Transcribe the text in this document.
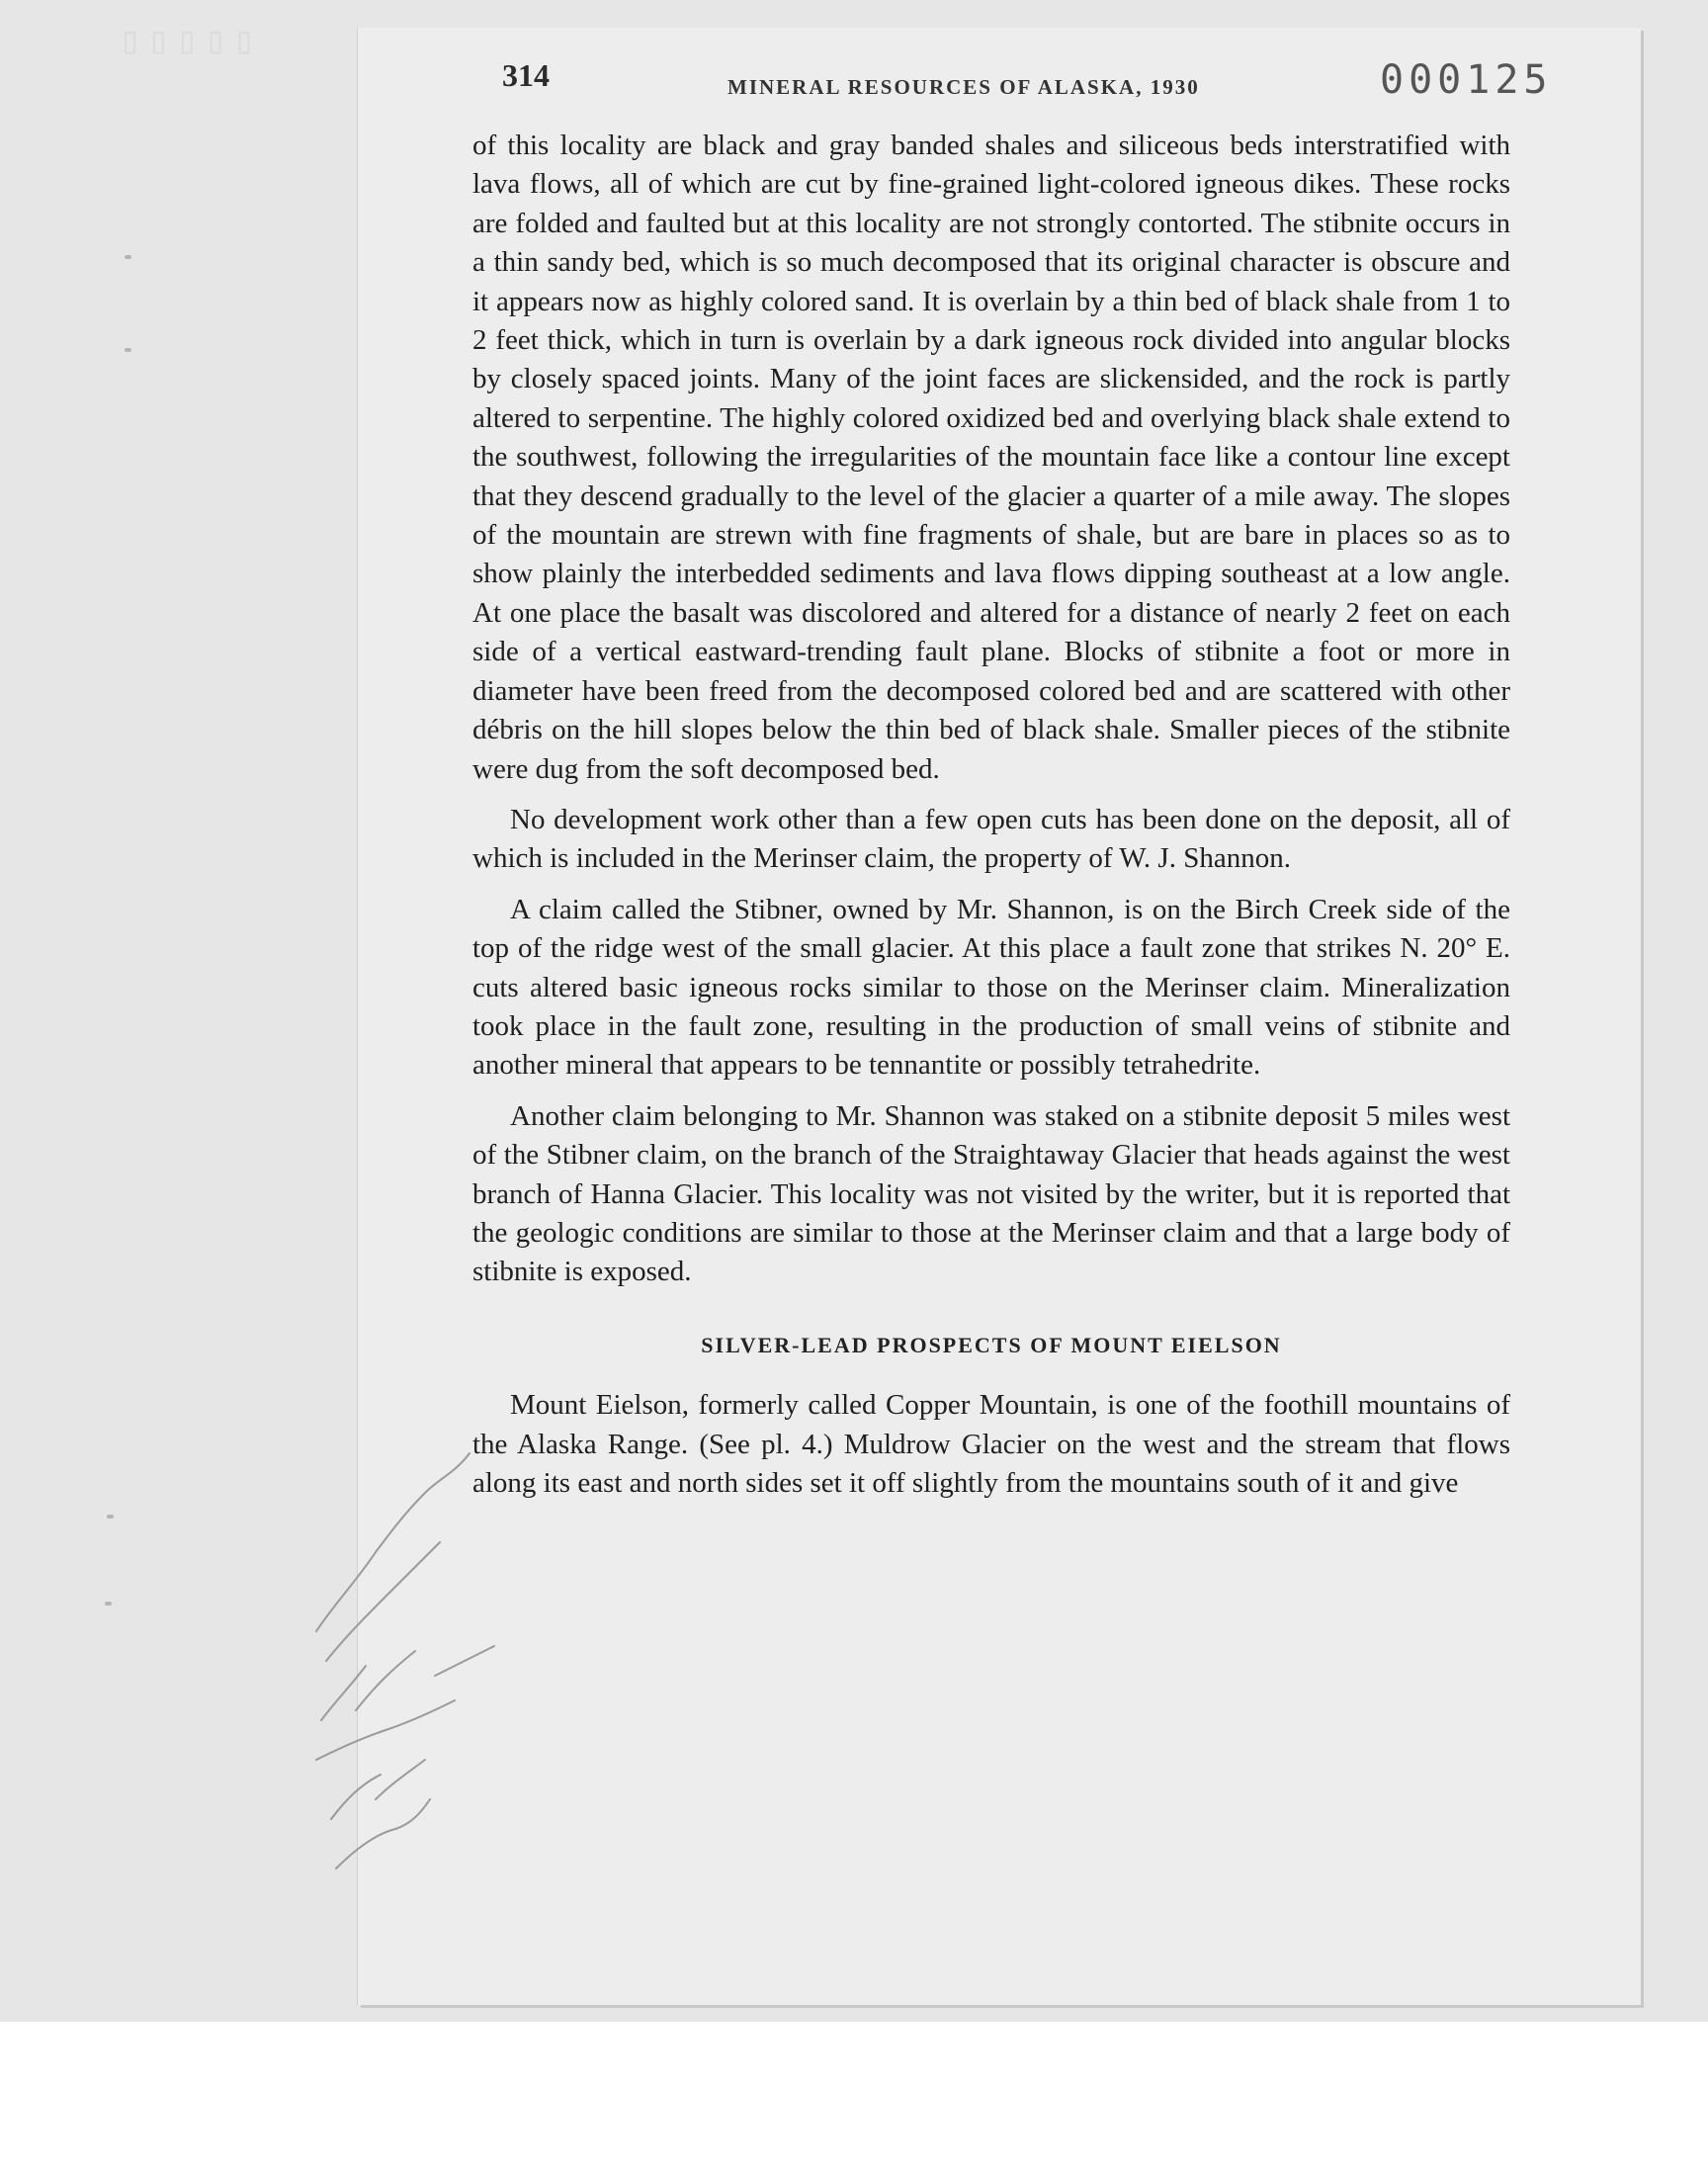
▯▯▯▯▯
314	MINERAL RESOURCES OF ALASKA, 1930	000125

of this locality are black and gray banded shales and siliceous beds interstratified with lava flows, all of which are cut by fine-grained light-colored igneous dikes. These rocks are folded and faulted but at this locality are not strongly contorted. The stibnite occurs in a thin sandy bed, which is so much decomposed that its original character is obscure and it appears now as highly colored sand. It is overlain by a thin bed of black shale from 1 to 2 feet thick, which in turn is overlain by a dark igneous rock divided into angular blocks by closely spaced joints. Many of the joint faces are slickensided, and the rock is partly altered to serpentine. The highly colored oxidized bed and overlying black shale extend to the southwest, following the irregularities of the mountain face like a contour line except that they descend gradually to the level of the glacier a quarter of a mile away. The slopes of the mountain are strewn with fine fragments of shale, but are bare in places so as to show plainly the interbedded sediments and lava flows dipping southeast at a low angle. At one place the basalt was discolored and altered for a distance of nearly 2 feet on each side of a vertical eastward-trending fault plane. Blocks of stibnite a foot or more in diameter have been freed from the decomposed colored bed and are scattered with other débris on the hill slopes below the thin bed of black shale. Smaller pieces of the stibnite were dug from the soft decomposed bed.

No development work other than a few open cuts has been done on the deposit, all of which is included in the Merinser claim, the property of W. J. Shannon.

A claim called the Stibner, owned by Mr. Shannon, is on the Birch Creek side of the top of the ridge west of the small glacier. At this place a fault zone that strikes N. 20° E. cuts altered basic igneous rocks similar to those on the Merinser claim. Mineralization took place in the fault zone, resulting in the production of small veins of stibnite and another mineral that appears to be tennantite or possibly tetrahedrite.

Another claim belonging to Mr. Shannon was staked on a stibnite deposit 5 miles west of the Stibner claim, on the branch of the Straightaway Glacier that heads against the west branch of Hanna Glacier. This locality was not visited by the writer, but it is reported that the geologic conditions are similar to those at the Merinser claim and that a large body of stibnite is exposed.

SILVER-LEAD PROSPECTS OF MOUNT EIELSON

Mount Eielson, formerly called Copper Mountain, is one of the foothill mountains of the Alaska Range. (See pl. 4.) Muldrow Glacier on the west and the stream that flows along its east and north sides set it off slightly from the mountains south of it and give
